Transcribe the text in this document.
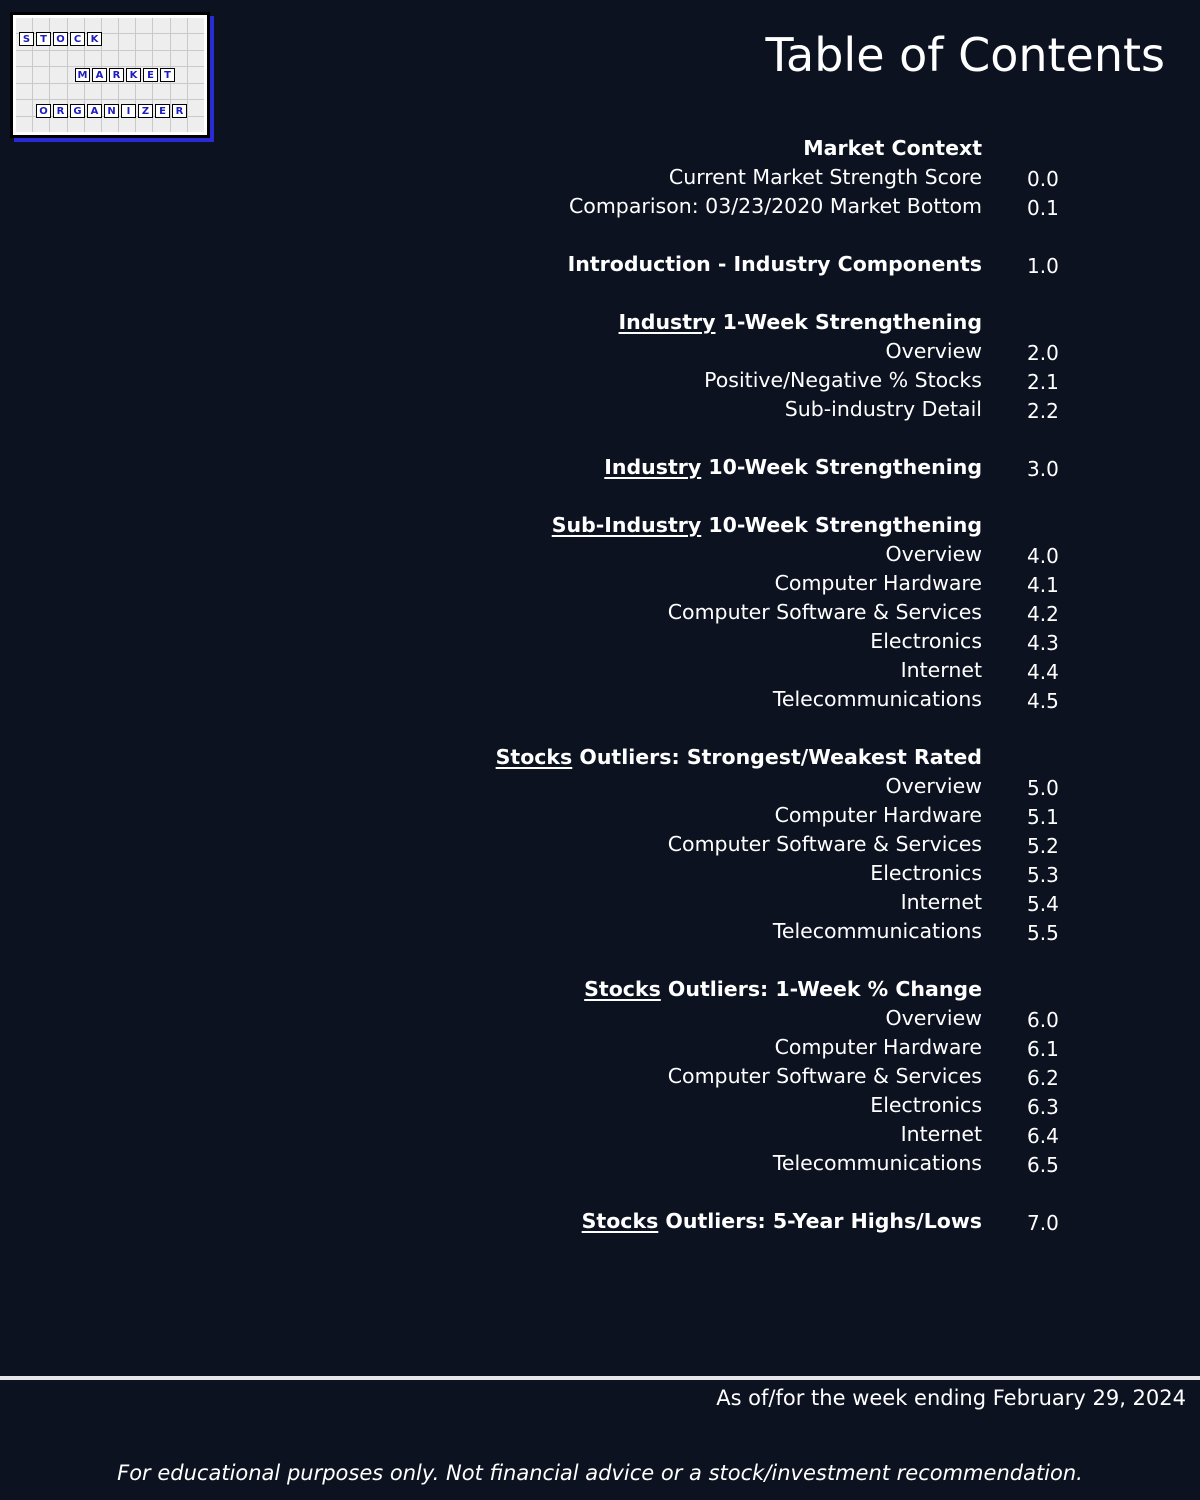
S T O C K
M A R K E	T
O R G A N	I	Z E R
Table of Contents
Market Context
Current Market Strength Score 0.0
Comparison: 03/23/2020 Market Bottom 0.1
Introduction - Industry Components 1.0
Industry 1-Week Strengthening
Overview 2.0
Positive/Negative % Stocks 2.1
Sub-industry Detail 2.2
Industry 10-Week Strengthening 3.0
Sub-Industry 10-Week Strengthening
Overview 4.0
Computer Hardware 4.1
Computer Software & Services 4.2
Electronics 4.3
Internet 4.4
Telecommunications 4.5
Stocks Outliers: Strongest/Weakest Rated
Overview 5.0
Computer Hardware 5.1
Computer Software & Services 5.2
Electronics 5.3
Internet 5.4
Telecommunications 5.5
Stocks Outliers: 1-Week % Change
Overview 6.0
Computer Hardware 6.1
Computer Software & Services 6.2
Electronics 6.3
Internet 6.4
Telecommunications 6.5
Stocks Outliers: 5-Year Highs/Lows 7.0
As of/for the week ending February 29, 2024
For educational purposes only. Not financial advice or a stock/investment recommendation.
